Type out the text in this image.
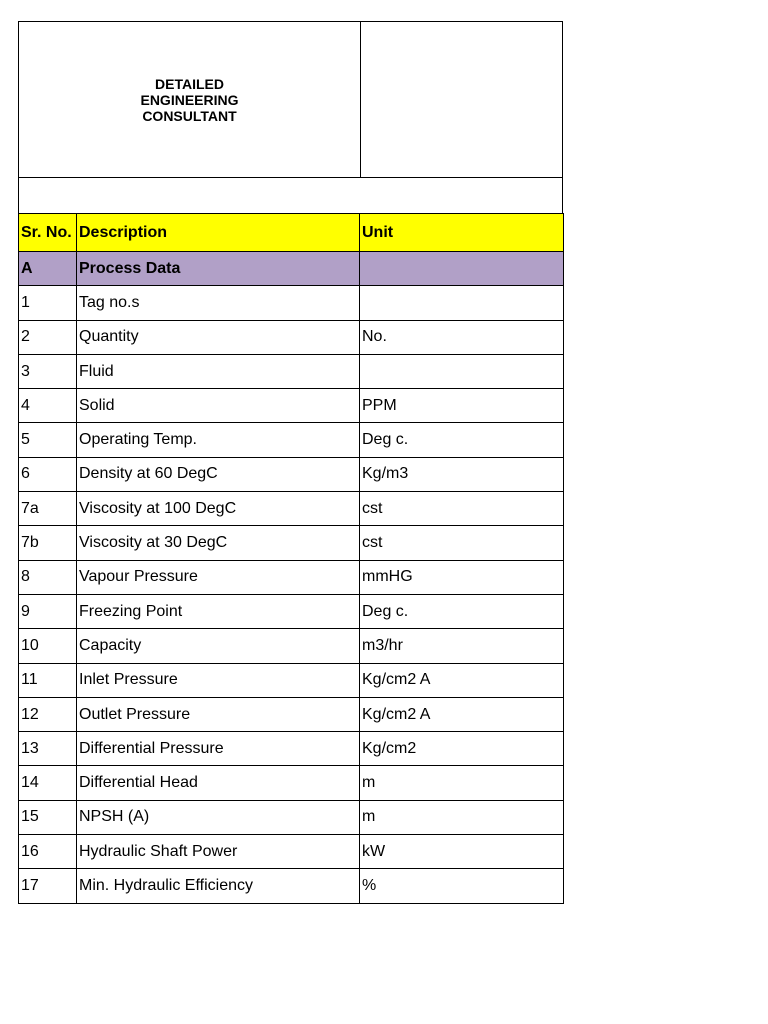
DETAILED
ENGINEERING
CONSULTANT
Sr. No.	Description	Unit
A	Process Data	
1	Tag no.s	
2	Quantity	No.
3	Fluid	
4	Solid	PPM
5	Operating Temp.	Deg c.
6	Density at 60 DegC	Kg/m3
7a	Viscosity at 100 DegC	cst
7b	Viscosity at 30 DegC	cst
8	Vapour Pressure	mmHG
9	Freezing Point	Deg c.
10	Capacity	m3/hr
11	Inlet Pressure	Kg/cm2 A
12	Outlet Pressure	Kg/cm2 A
13	Differential Pressure	Kg/cm2
14	Differential Head	m
15	NPSH (A)	m
16	Hydraulic Shaft Power	kW
17	Min. Hydraulic Efficiency	%
